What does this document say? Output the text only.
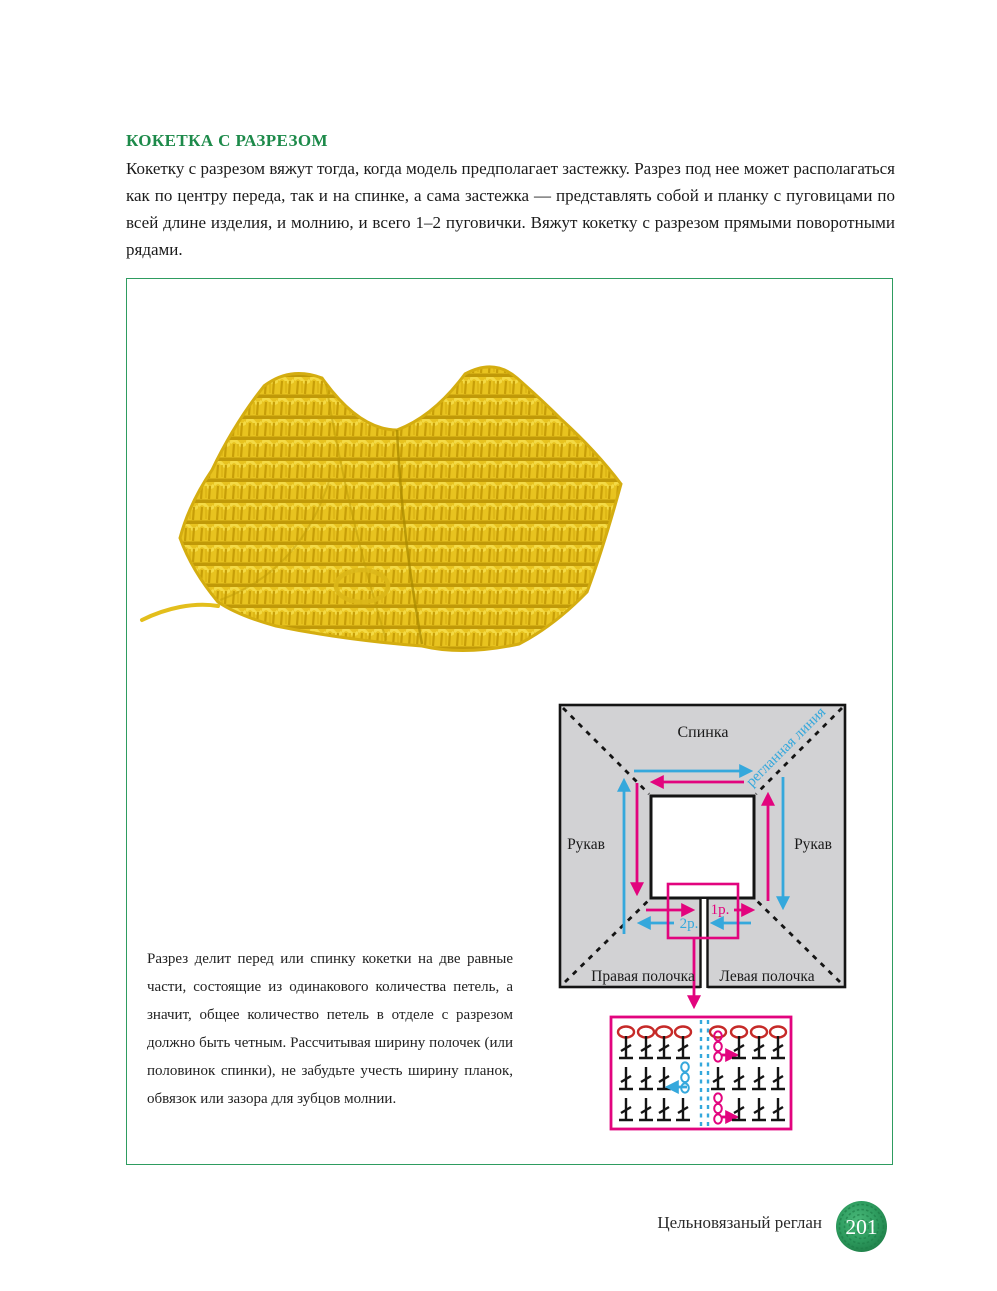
КОКЕТКА С РАЗРЕЗОМ

Кокетку с разрезом вяжут тогда, когда модель предполагает застежку. Разрез под нее может располагаться как по центру переда, так и на спинке, а сама застежка — представлять собой и планку с пуговицами по всей длине изделия, и молнию, и всего 1–2 пуговички. Вяжут кокетку с разрезом прямыми поворотными рядами.

Разрез делит перед или спинку кокетки на две равные части, состоящие из одинакового количества петель, а значит, общее количество петель в отделе с разрезом должно быть четным. Рассчитывая ширину полочек (или половинок спинки), не забудьте учесть ширину планок, обвязок или зазора для зубцов молнии.

Спинка
Рукав	Рукав
Правая полочка Левая полочка
регланная линия
1р.
2р.
Цельновязаный реглан 201
